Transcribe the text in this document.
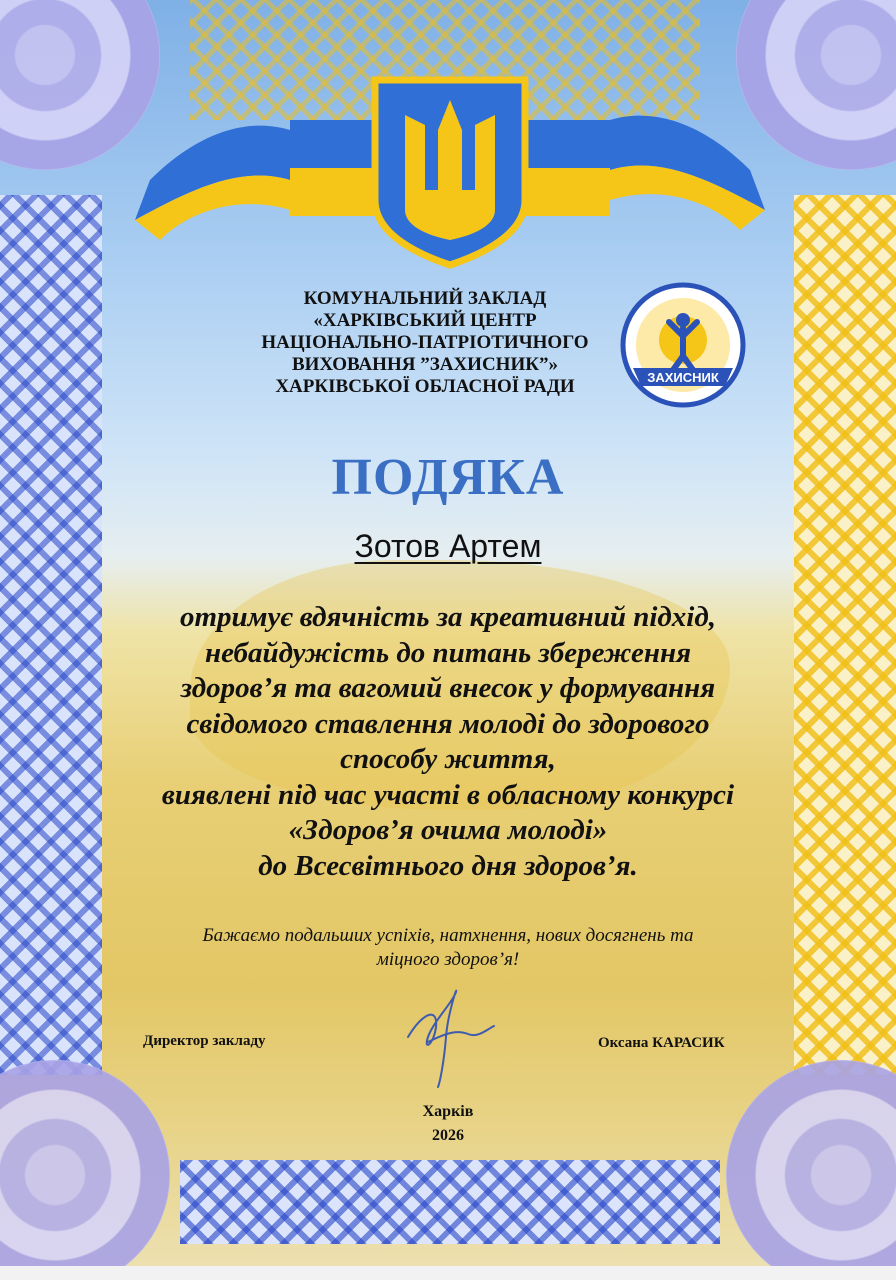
КОМУНАЛЬНИЙ ЗАКЛАД
«ХАРКІВСЬКИЙ ЦЕНТР
НАЦІОНАЛЬНО-ПАТРІОТИЧНОГО
ВИХОВАННЯ ”ЗАХИСНИК”»
ХАРКІВСЬКОЇ ОБЛАСНОЇ РАДИ	ЗАХИСНИК
ПОДЯКА
Зотов Артем
отримує вдячність за креативний підхід,
небайдужість до питань збереження
здоров’я та вагомий внесок у формування
свідомого ставлення молоді до здорового
способу життя,
виявлені під час участі в обласному конкурсі
«Здоров’я очима молоді»
до Всесвітнього дня здоров’я.
Бажаємо подальших успіхів, натхнення, нових досягнень та
міцного здоров’я!
Директор закладу	Оксана КАРАСИК
Харків
2026
